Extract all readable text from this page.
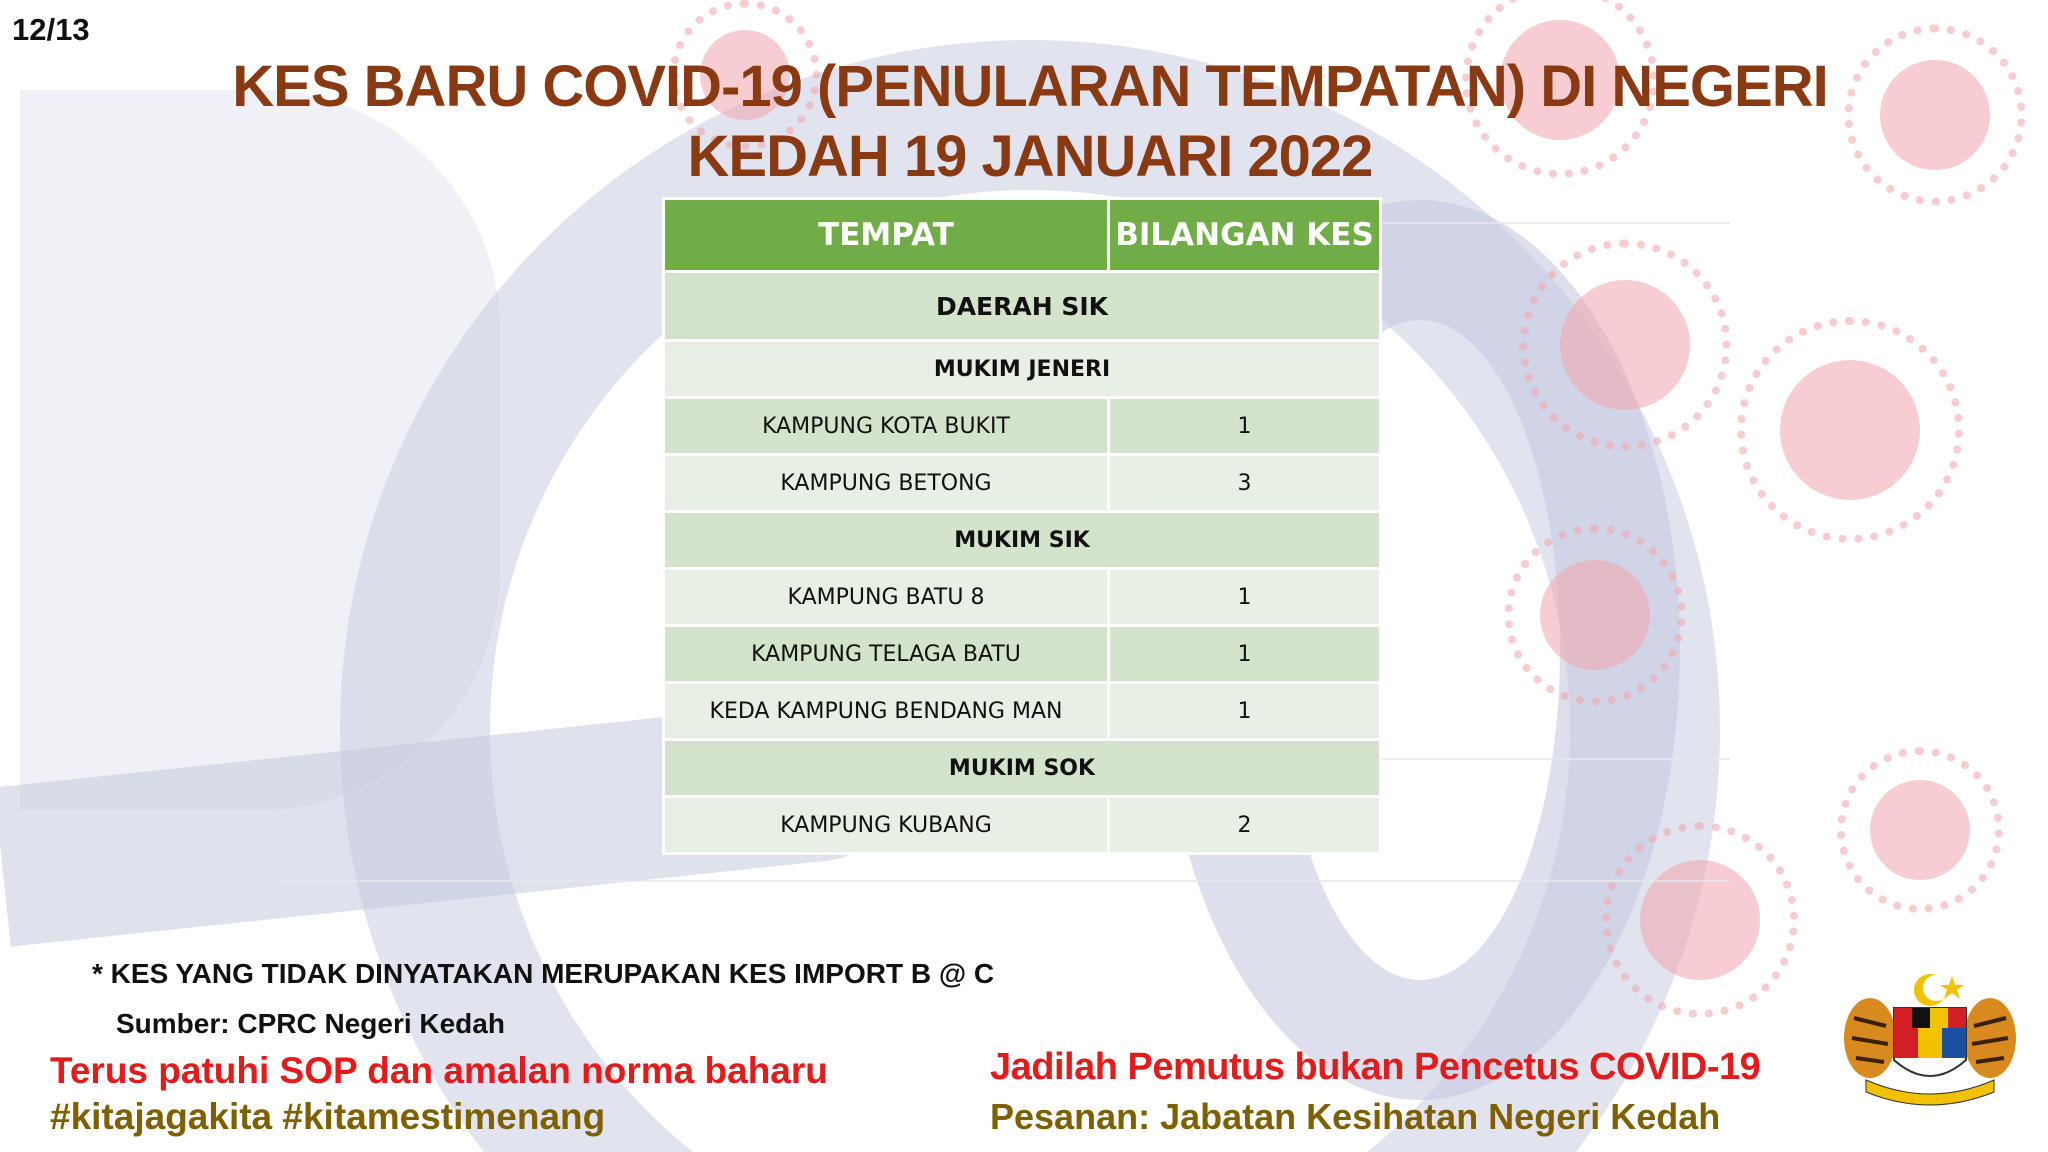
12/13
KES BARU COVID-19 (PENULARAN TEMPATAN) DI NEGERI
KEDAH 19 JANUARI 2022
TEMPAT	BILANGAN KES
DAERAH SIK	
MUKIM JENERI	
KAMPUNG KOTA BUKIT	1
KAMPUNG BETONG	3
MUKIM SIK	
KAMPUNG BATU 8	1
KAMPUNG TELAGA BATU	1
KEDA KAMPUNG BENDANG MAN	1
MUKIM SOK	
KAMPUNG KUBANG	2
* KES YANG TIDAK DINYATAKAN MERUPAKAN KES IMPORT B @ C
Sumber: CPRC Negeri Kedah
Terus patuhi SOP dan amalan norma baharu
#kitajagakita #kitamestimenang
Jadilah Pemutus bukan Pencetus COVID-19
Pesanan: Jabatan Kesihatan Negeri Kedah
